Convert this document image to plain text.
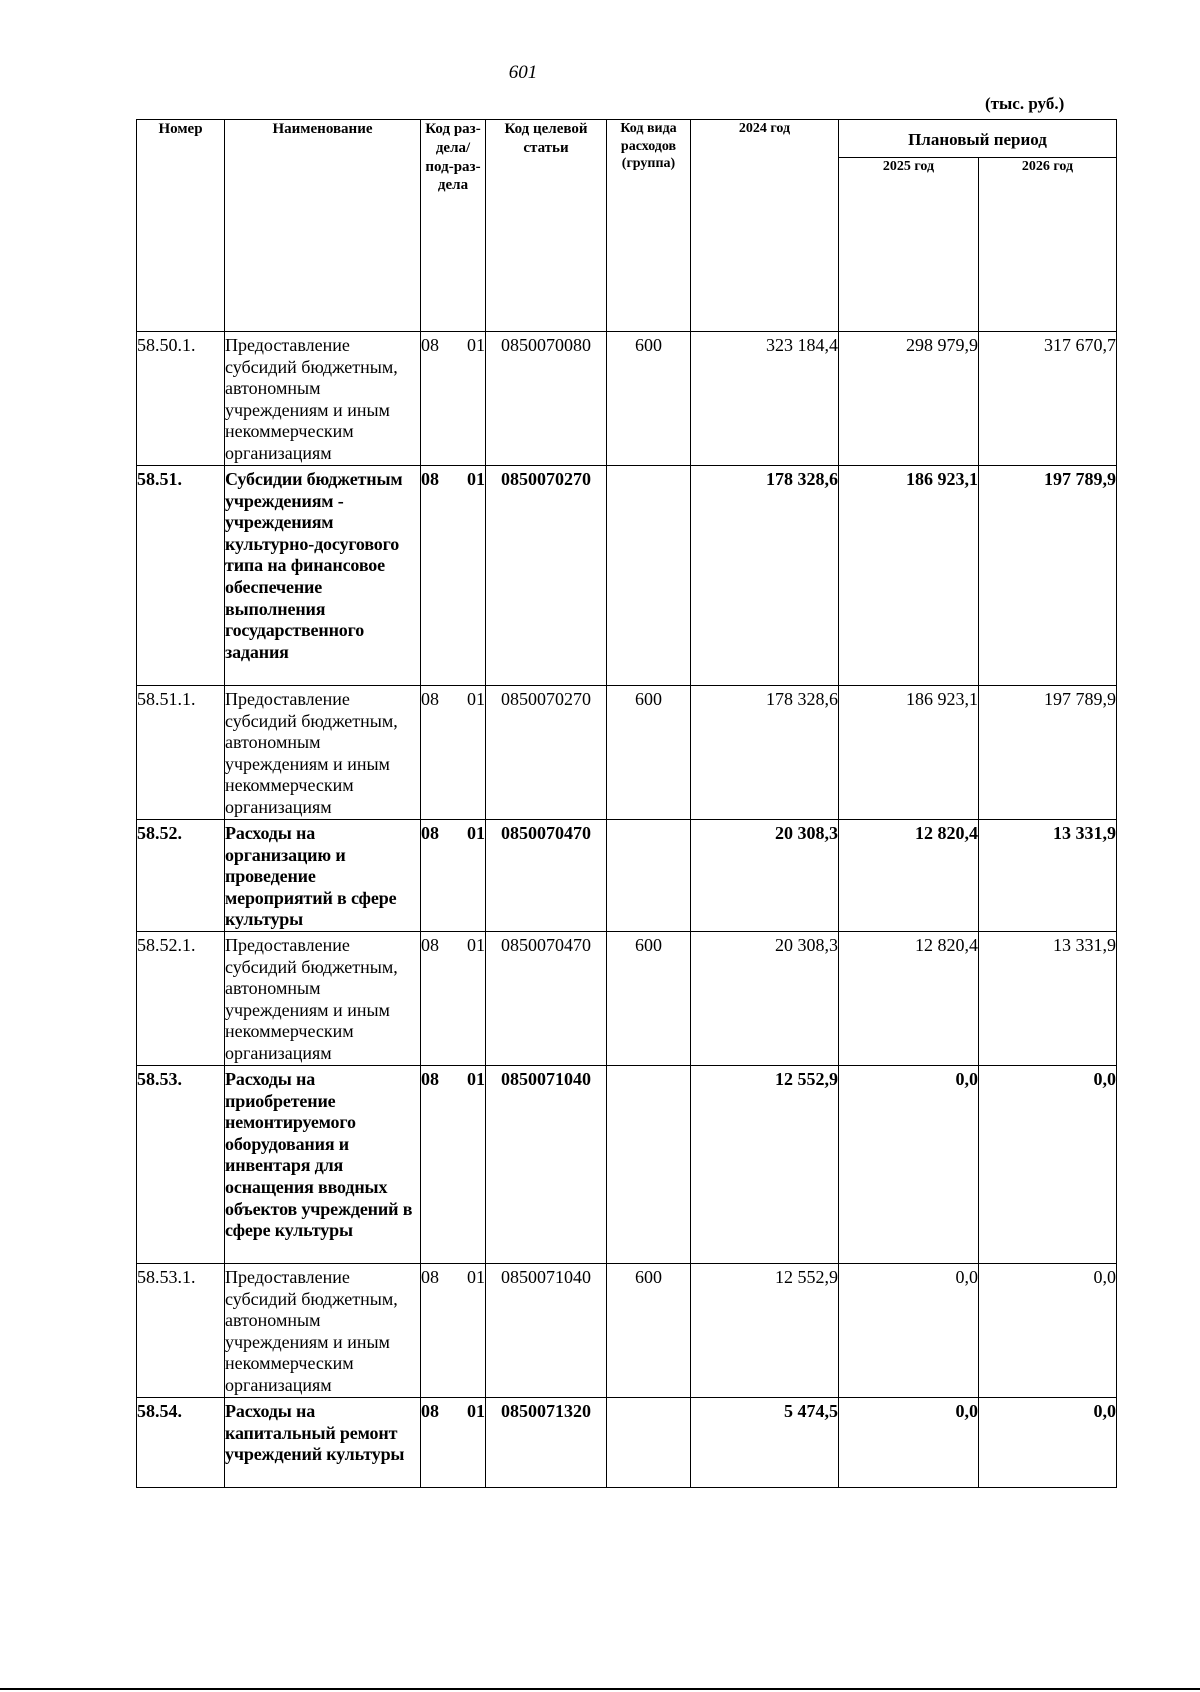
601
(тыс. руб.)
Номер	Наименование	Код раз-дела/ под-раз-дела	Код целевой статьи	Код вида расходов (группа)	2024 год	Плановый период	
						2025 год	2026 год
58.50.1.	Предоставление субсидий бюджетным, автономным учреждениям и иным некоммерческим организациям	08 01	0850070080	600	323 184,4	298 979,9	317 670,7
58.51.	Субсидии бюджетным учреждениям - учреждениям культурно-досугового типа на финансовое обеспечение выполнения государственного задания	08 01	0850070270		178 328,6	186 923,1	197 789,9
58.51.1.	Предоставление субсидий бюджетным, автономным учреждениям и иным некоммерческим организациям	08 01	0850070270	600	178 328,6	186 923,1	197 789,9
58.52.	Расходы на организацию и проведение мероприятий в сфере культуры	08 01	0850070470		20 308,3	12 820,4	13 331,9
58.52.1.	Предоставление субсидий бюджетным, автономным учреждениям и иным некоммерческим организациям	08 01	0850070470	600	20 308,3	12 820,4	13 331,9
58.53.	Расходы на приобретение немонтируемого оборудования и инвентаря для оснащения вводных объектов учреждений в сфере культуры	08 01	0850071040		12 552,9	0,0	0,0
58.53.1.	Предоставление субсидий бюджетным, автономным учреждениям и иным некоммерческим организациям	08 01	0850071040	600	12 552,9	0,0	0,0
58.54.	Расходы на капитальный ремонт учреждений культуры	08 01	0850071320		5 474,5	0,0	0,0
